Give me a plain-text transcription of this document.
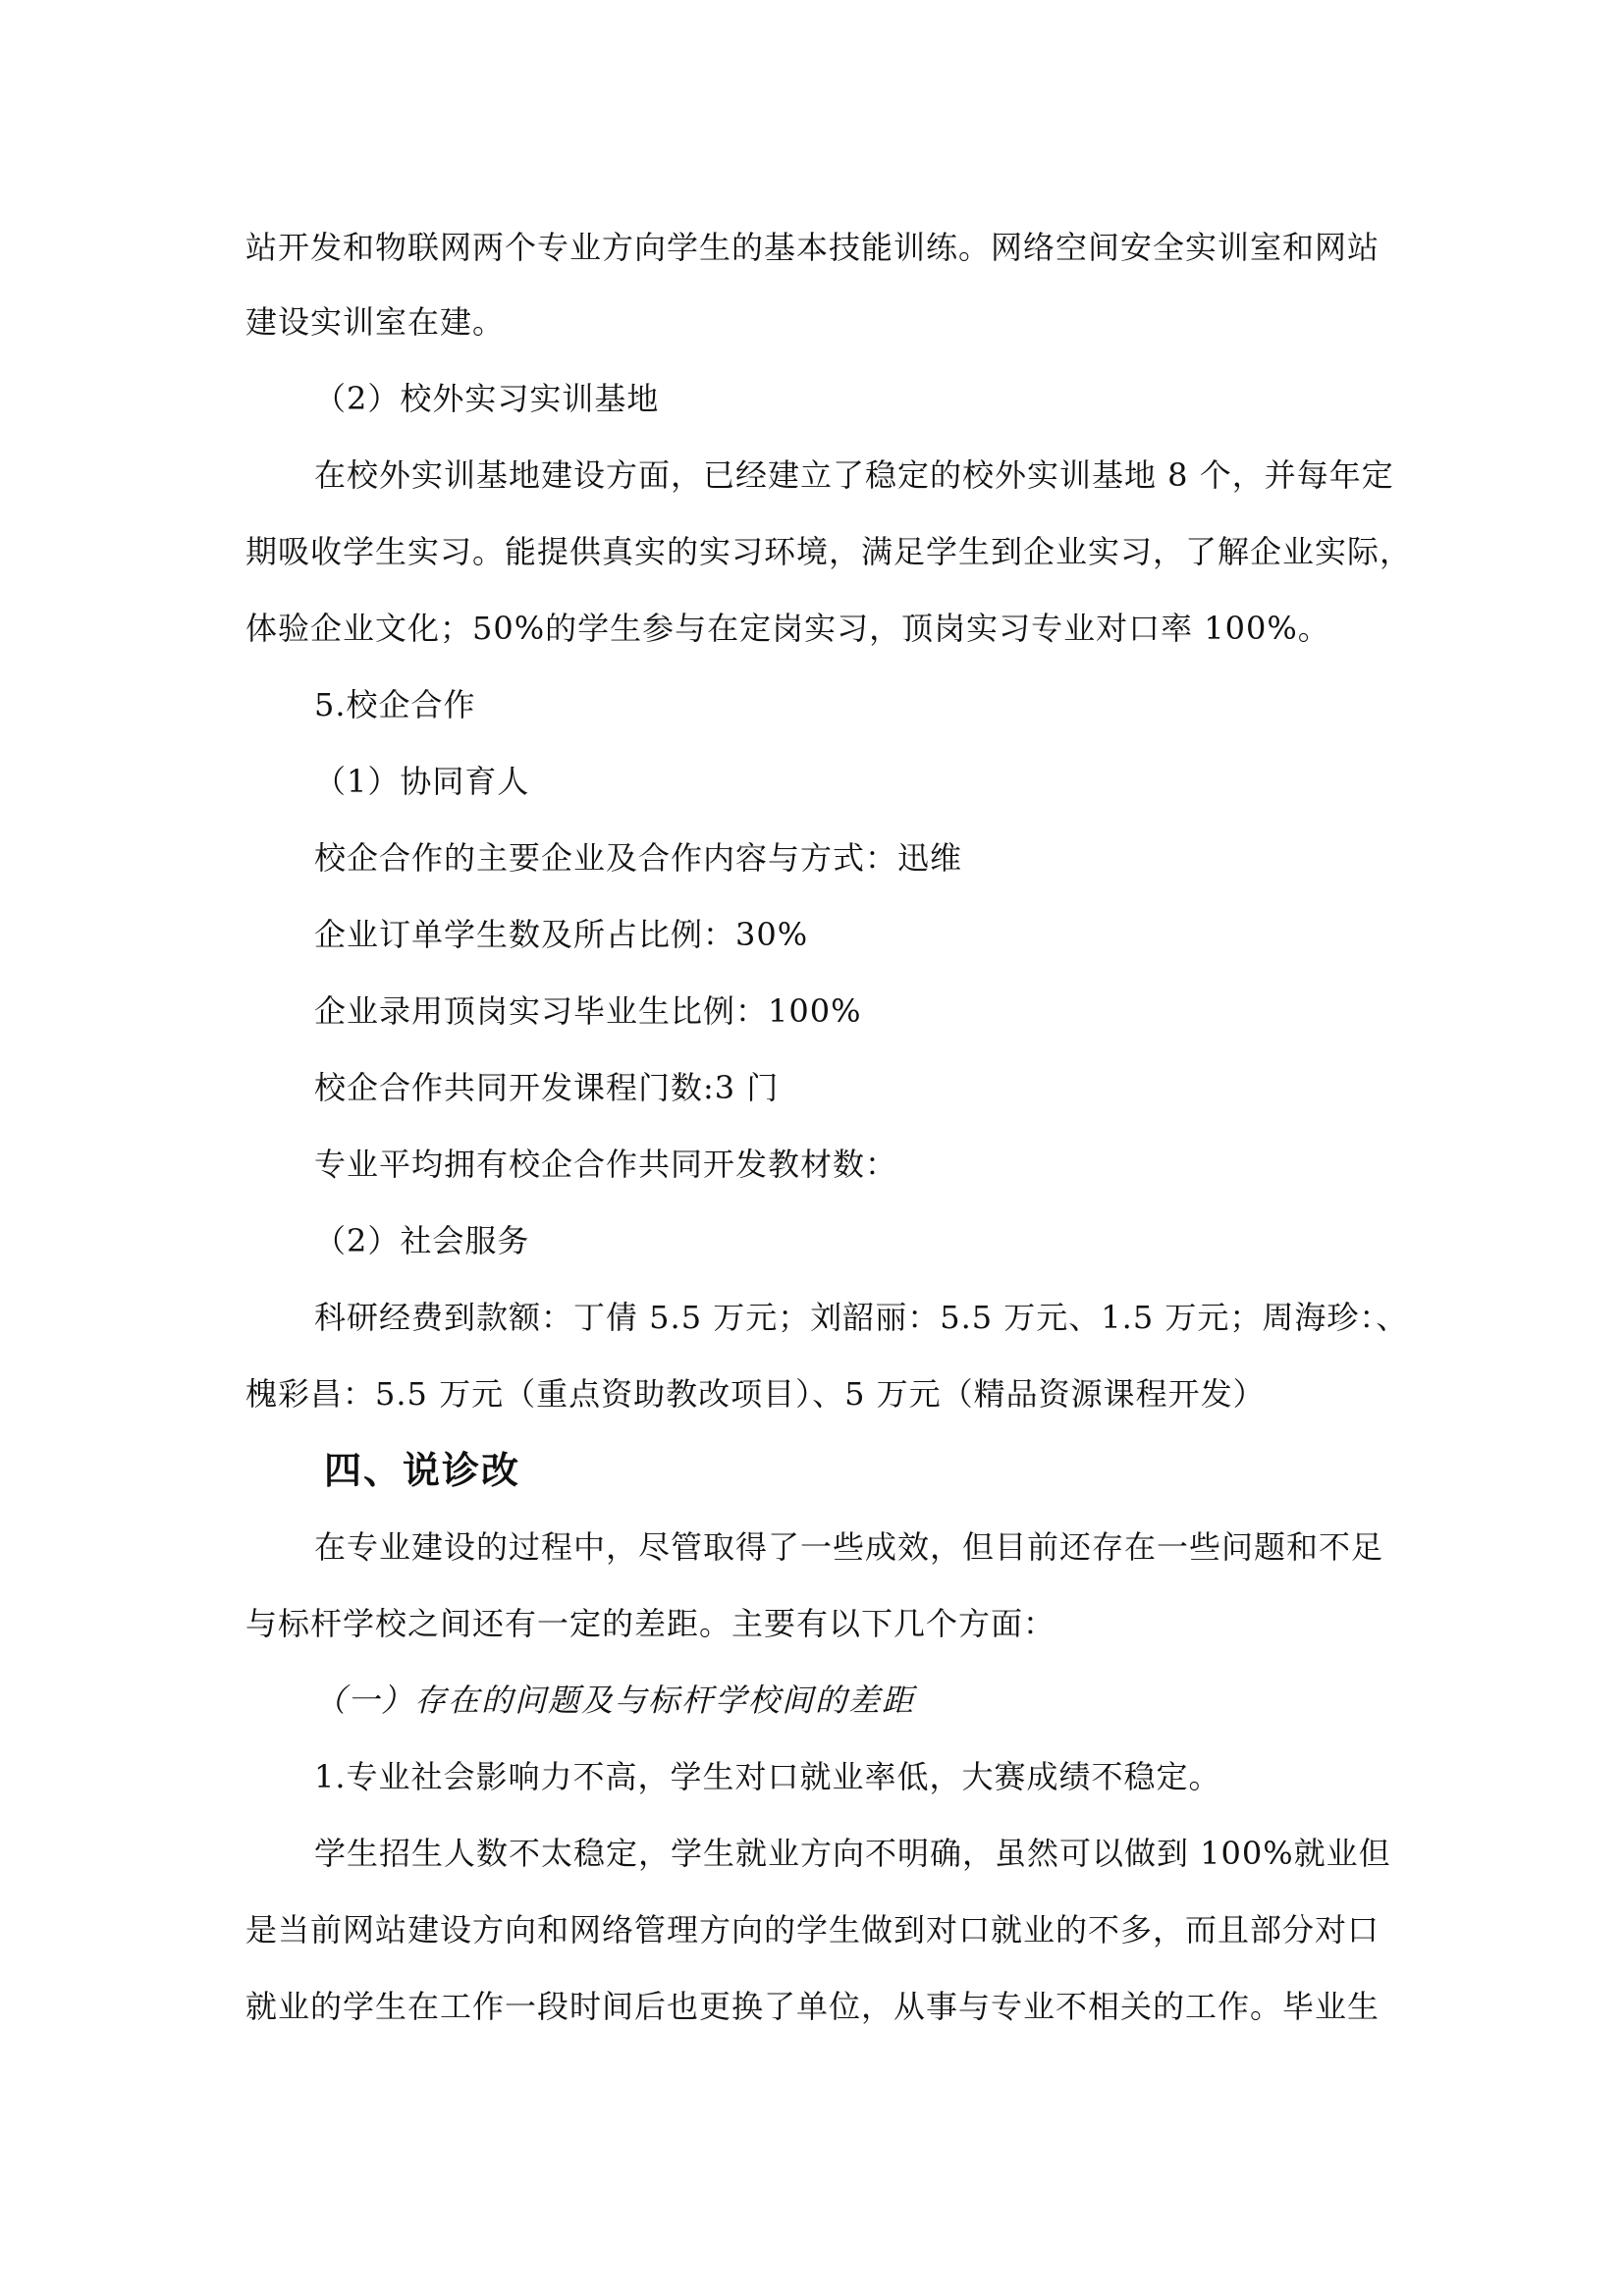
站开发和物联网两个专业方向学生的基本技能训练。网络空间安全实训室和网站
建设实训室在建。
（2）校外实习实训基地
在校外实训基地建设方面，已经建立了稳定的校外实训基地 8 个，并每年定
期吸收学生实习。能提供真实的实习环境，满足学生到企业实习，了解企业实际，
体验企业文化；50%的学生参与在定岗实习，顶岗实习专业对口率 100%。
5.校企合作
（1）协同育人
校企合作的主要企业及合作内容与方式：迅维
企业订单学生数及所占比例：30%
企业录用顶岗实习毕业生比例：100%
校企合作共同开发课程门数:3 门
专业平均拥有校企合作共同开发教材数：
（2）社会服务
科研经费到款额：丁倩 5.5 万元；刘韶丽：5.5 万元、1.5 万元；周海珍：、
槐彩昌：5.5 万元（重点资助教改项目）、5 万元（精品资源课程开发）
四、说诊改
在专业建设的过程中，尽管取得了一些成效，但目前还存在一些问题和不足
与标杆学校之间还有一定的差距。主要有以下几个方面：
（一）存在的问题及与标杆学校间的差距
1.专业社会影响力不高，学生对口就业率低，大赛成绩不稳定。
学生招生人数不太稳定，学生就业方向不明确，虽然可以做到 100%就业但
是当前网站建设方向和网络管理方向的学生做到对口就业的不多，而且部分对口
就业的学生在工作一段时间后也更换了单位，从事与专业不相关的工作。毕业生
